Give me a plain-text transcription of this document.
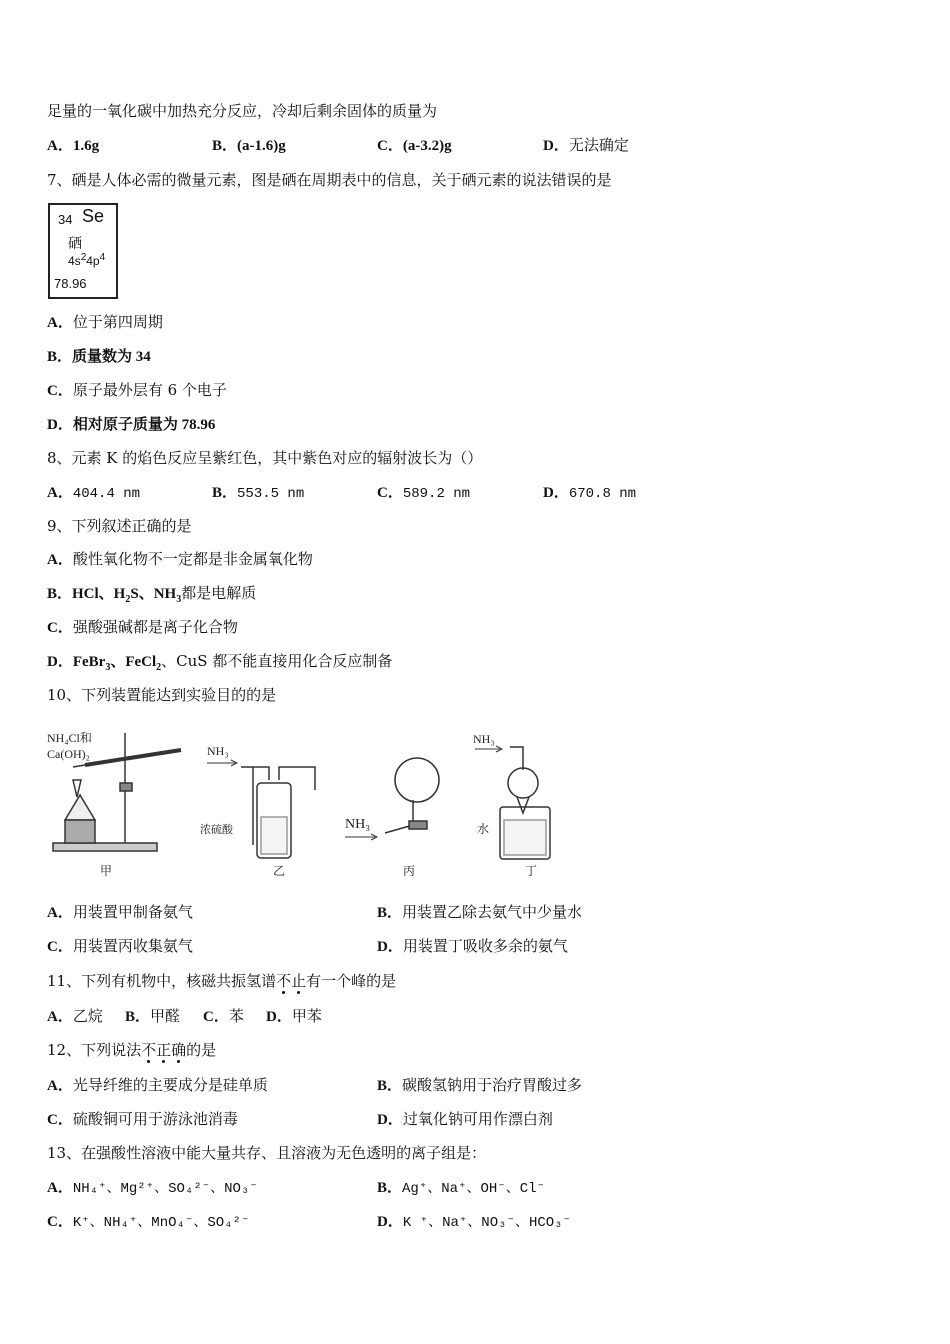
足量的一氧化碳中加热充分反应，冷却后剩余固体的质量为
A．1.6g	B．(a-1.6)g	C．(a-3.2)g	D．无法确定
7、硒是人体必需的微量元素，图是硒在周期表中的信息，关于硒元素的说法错误的是
34 Se
硒
$4s^24p^4$
78.96
A．位于第四周期
B．质量数为 34
C．原子最外层有 6 个电子
D．相对原子质量为 78.96
8、元素 K 的焰色反应呈紫红色，其中紫色对应的辐射波长为（）
A．404.4 nm	B．553.5 nm	C．589.2 nm	D．670.8 nm
9、下列叙述正确的是
A．酸性氧化物不一定都是非金属氧化物
B．HCl、$H_2S$、$NH_3$都是电解质
C．强酸强碱都是离子化合物
D．FeBr$_3$、FeCl$_2$、CuS 都不能直接用化合反应制备
10、下列装置能达到实验目的的是
NH₄Cl和
Ca(OH)₂
甲
NH₃
浓硫酸
乙
NH₃
丙
NH₃
水
丁
A．用装置甲制备氨气	B．用装置乙除去氨气中少量水
C．用装置丙收集氨气	D．用装置丁吸收多余的氨气
11、下列有机物中，核磁共振氢谱不止有一个峰的是
A．乙烷 B．甲醛 C．苯 D．甲苯
12、下列说法不正确的是
A．光导纤维的主要成分是硅单质	B．碳酸氢钠用于治疗胃酸过多
C．硫酸铜可用于游泳池消毒	D．过氧化钠可用作漂白剂
13、在强酸性溶液中能大量共存、且溶液为无色透明的离子组是：
A．NH₄⁺、Mg²⁺、SO₄²⁻、NO₃⁻	B．Ag⁺、Na⁺、OH⁻、Cl⁻
C．K⁺、NH₄⁺、MnO₄⁻、SO₄²⁻	D．K ⁺、Na⁺、NO₃⁻、HCO₃⁻
